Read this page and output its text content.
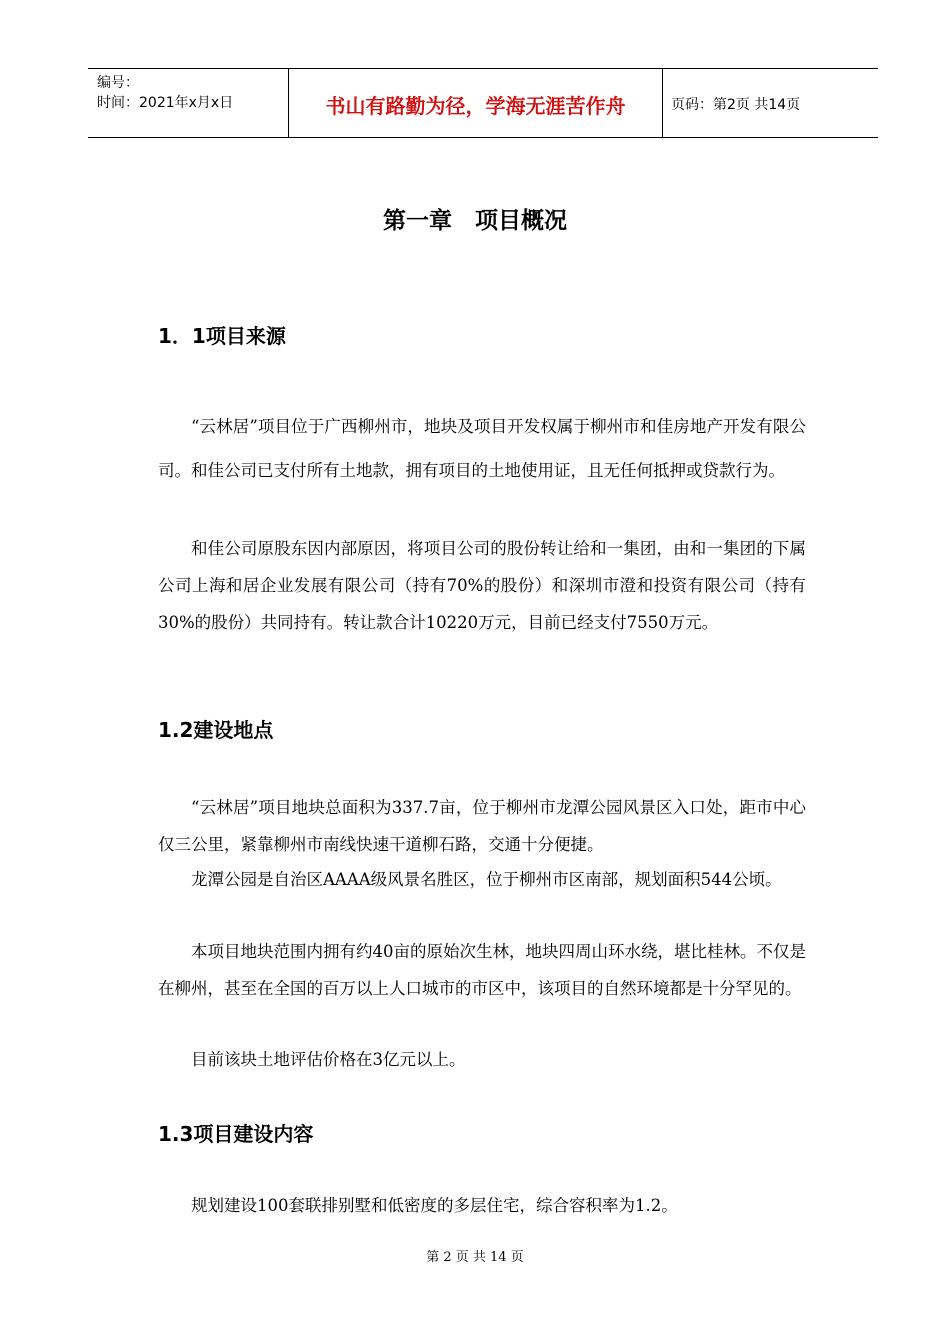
编号：
时间：2021年x月x日	书山有路勤为径，学海无涯苦作舟	页码：第2页 共14页
第一章　项目概况
1．1项目来源

“云林居”项目位于广西柳州市，地块及项目开发权属于柳州市和佳房地产开发有限公司。和佳公司已支付所有土地款，拥有项目的土地使用证，且无任何抵押或贷款行为。

和佳公司原股东因内部原因，将项目公司的股份转让给和一集团，由和一集团的下属公司上海和居企业发展有限公司（持有70%的股份）和深圳市澄和投资有限公司（持有30%的股份）共同持有。转让款合计10220万元，目前已经支付7550万元。

1.2建设地点

“云林居”项目地块总面积为337.7亩，位于柳州市龙潭公园风景区入口处，距市中心仅三公里，紧靠柳州市南线快速干道柳石路，交通十分便捷。

龙潭公园是自治区AAAA级风景名胜区，位于柳州市区南部，规划面积544公顷。

本项目地块范围内拥有约40亩的原始次生林，地块四周山环水绕，堪比桂林。不仅是在柳州，甚至在全国的百万以上人口城市的市区中，该项目的自然环境都是十分罕见的。

目前该块土地评估价格在3亿元以上。

1.3项目建设内容

规划建设100套联排别墅和低密度的多层住宅，综合容积率为1.2。

第 2 页 共 14 页
